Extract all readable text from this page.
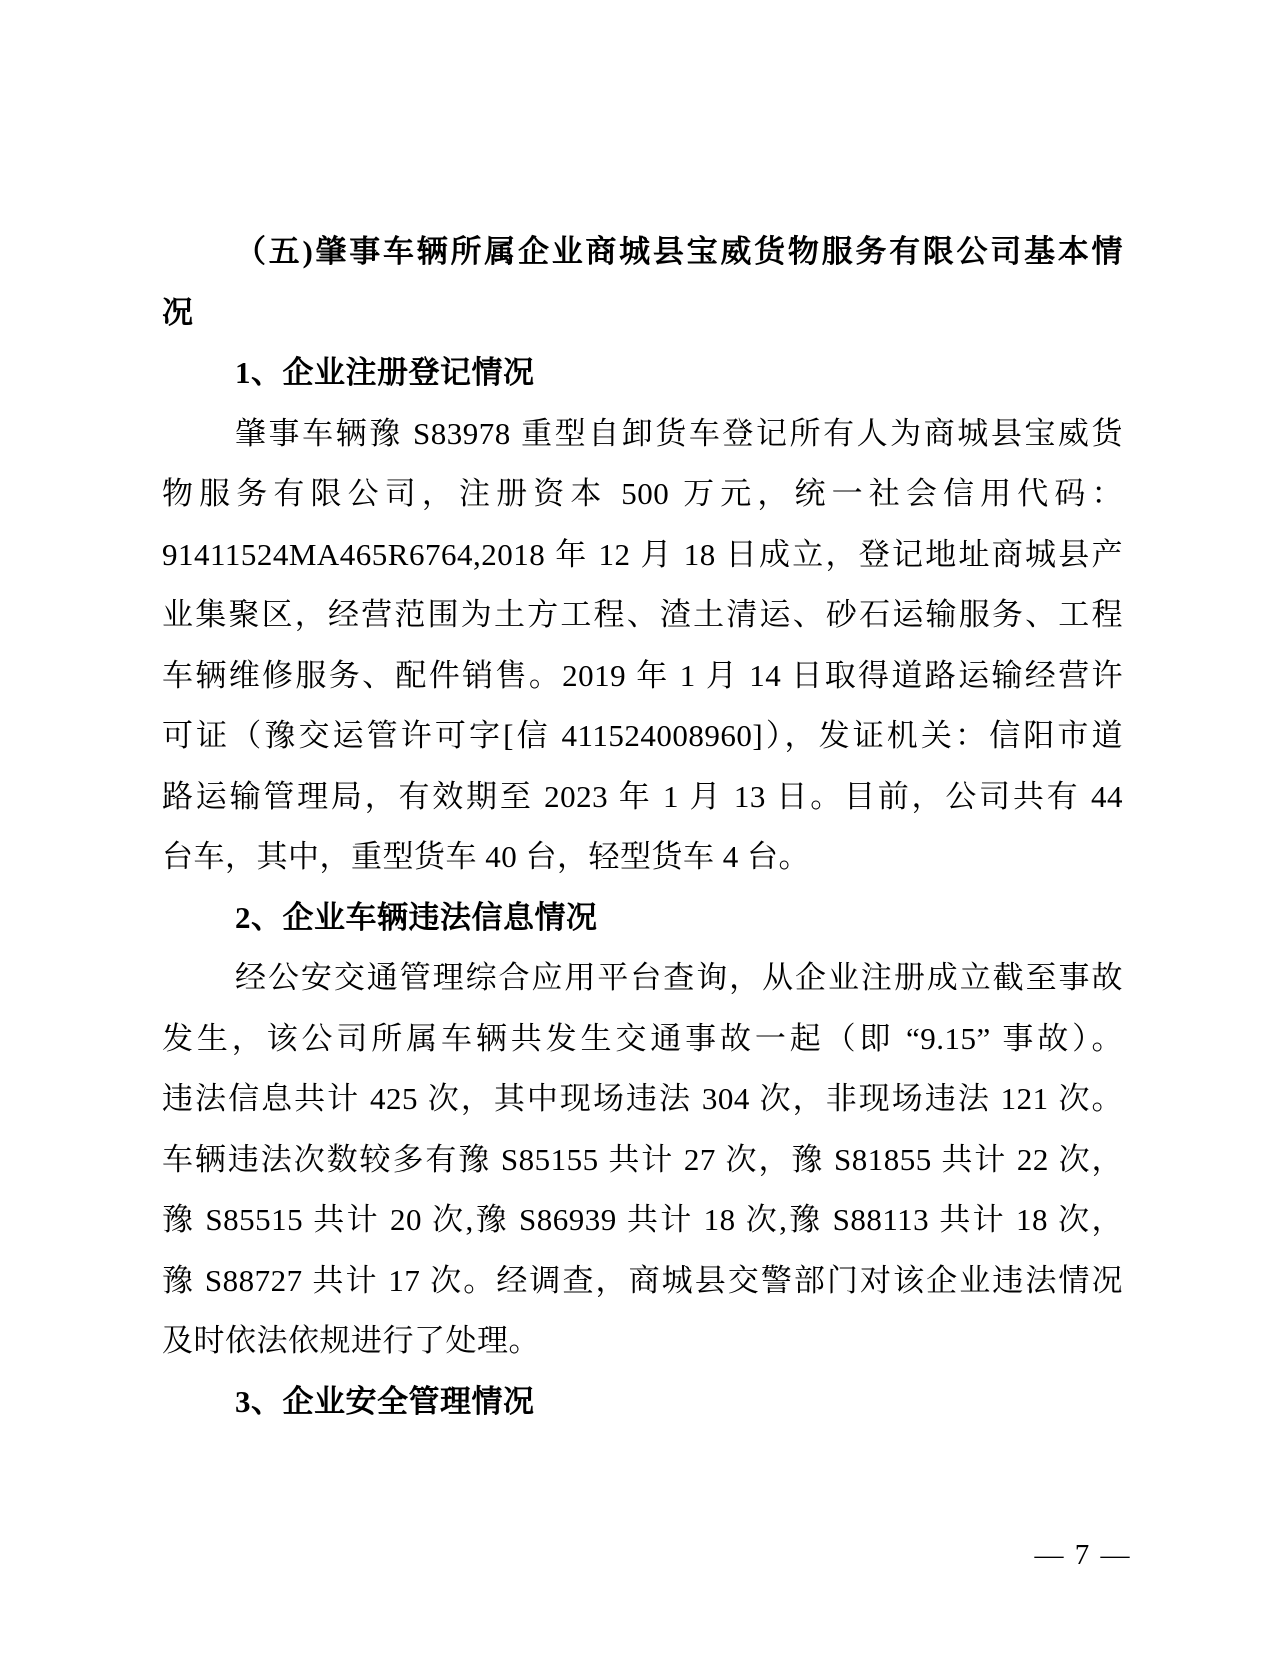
（五)肇事车辆所属企业商城县宝威货物服务有限公司基本情
况
1、企业注册登记情况
肇事车辆豫 S83978 重型自卸货车登记所有人为商城县宝威货
物服务有限公司，注册资本 500 万元，统一社会信用代码：
91411524MA465R6764,2018 年 12 月 18 日成立，登记地址商城县产
业集聚区，经营范围为土方工程、渣土清运、砂石运输服务、工程
车辆维修服务、配件销售。2019 年 1 月 14 日取得道路运输经营许
可证（豫交运管许可字[信 411524008960]），发证机关：信阳市道
路运输管理局，有效期至 2023 年 1 月 13 日。目前，公司共有 44
台车，其中，重型货车 40 台，轻型货车 4 台。
2、企业车辆违法信息情况
经公安交通管理综合应用平台查询，从企业注册成立截至事故
发生，该公司所属车辆共发生交通事故一起（即 “9.15” 事故）。
违法信息共计 425 次，其中现场违法 304 次，非现场违法 121 次。
车辆违法次数较多有豫 S85155 共计 27 次，豫 S81855 共计 22 次，
豫 S85515 共计 20 次,豫 S86939 共计 18 次,豫 S88113 共计 18 次，
豫 S88727 共计 17 次。经调查，商城县交警部门对该企业违法情况
及时依法依规进行了处理。
3、企业安全管理情况
— 7 —
